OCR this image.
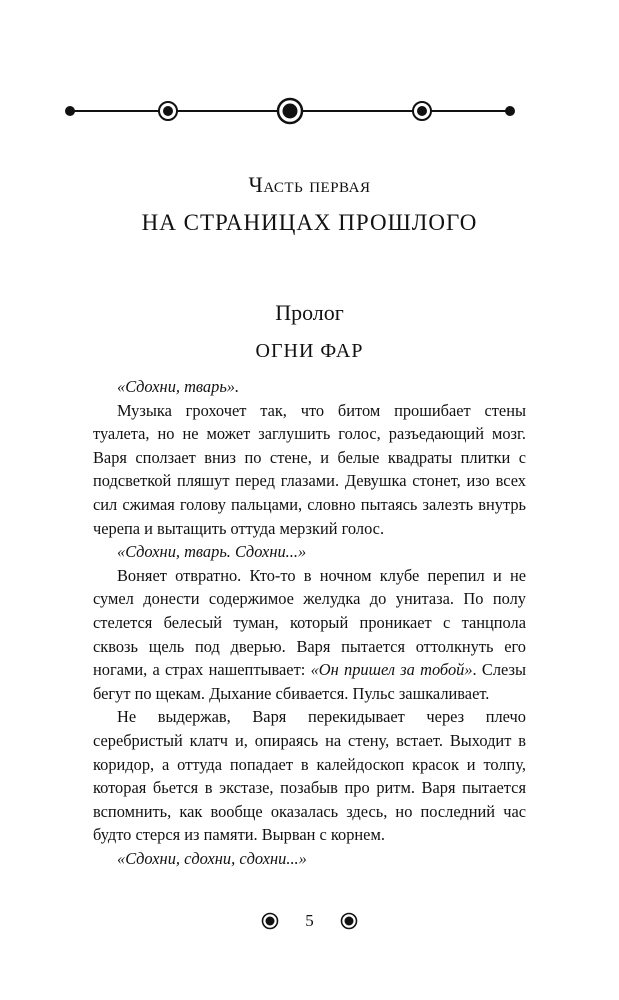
Часть первая
НА СТРАНИЦАХ ПРОШЛОГО
Пролог
ОГНИ ФАР

«Сдохни, тварь».

Музыка грохочет так, что битом прошибает стены туалета, но не может заглушить голос, разъедающий мозг. Варя сползает вниз по стене, и белые квадраты плитки с подсветкой пляшут перед глазами. Девушка стонет, изо всех сил сжимая голову пальцами, словно пытаясь залезть внутрь черепа и вытащить оттуда мерзкий голос.

«Сдохни, тварь. Сдохни...»

Воняет отвратно. Кто-то в ночном клубе перепил и не сумел донести содержимое желудка до унитаза. По полу стелется белесый туман, который проникает с танцпола сквозь щель под дверью. Варя пытается оттолкнуть его ногами, а страх нашептывает: «Он пришел за тобой». Слезы бегут по щекам. Дыхание сбивается. Пульс зашкаливает.

Не выдержав, Варя перекидывает через плечо серебристый клатч и, опираясь на стену, встает. Выходит в коридор, а оттуда попадает в калейдоскоп красок и толпу, которая бьется в экстазе, позабыв про ритм. Варя пытается вспомнить, как вообще оказалась здесь, но последний час будто стерся из памяти. Вырван с корнем.

«Сдохни, сдохни, сдохни...»

5
